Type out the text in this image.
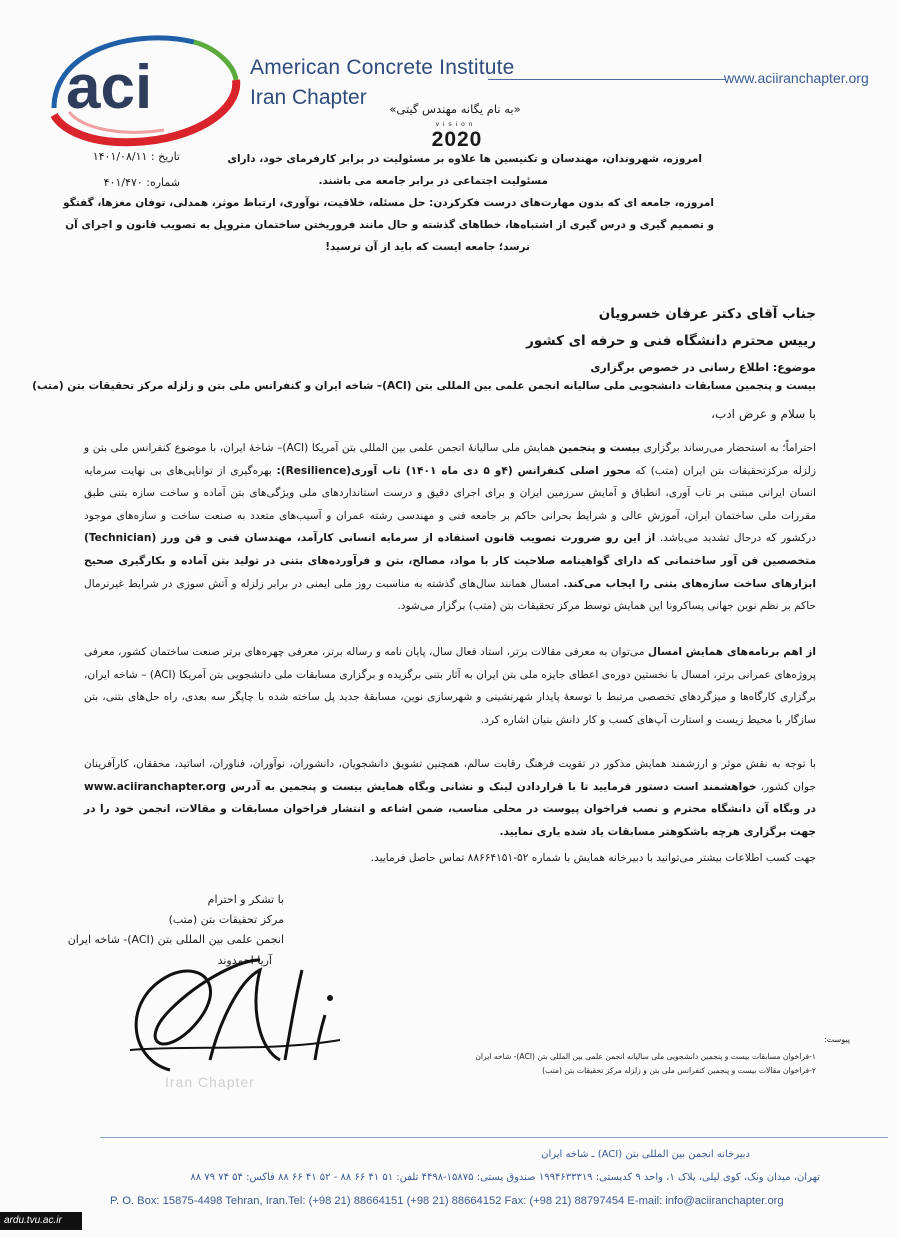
aci	American Concrete Institute
Iran Chapter
www.aciiranchapter.org
«به نام یگانه مهندس گیتی»
vision
2020
امروزه، شهروندان، مهندسان و تکنیسین ها علاوه بر مسئولیت در برابر کارفرمای خود، دارای
مسئولیت اجتماعی در برابر جامعه می باشند.
امروزه، جامعه ای که بدون مهارت‌های درست فکرکردن: حل مسئله، خلاقیت، نوآوری، ارتباط موثر، همدلی، توفان مغزها، گفتگو
و تصمیم گیری و درس گیری از اشتباه‌ها، خطاهای گذشته و حال مانند فروریختن ساختمان متروپل به تصویب قانون و اجرای آن
نرسد؛ جامعه ایست که باید از آن ترسید!
تاریخ : ۱۴۰۱/۰۸/۱۱
شماره: ۴۰۱/۴۷۰
جناب آقای دکتر عرفان خسرویان
رییس محترم دانشگاه فنی و حرفه ای کشور
موضوع: اطلاع رسانی در خصوص برگزاری
بیست و پنجمین مسابقات دانشجویی ملی سالیانه انجمن علمی بین المللی بتن (ACI)– شاخه ایران و کنفرانس ملی بتن و زلزله مرکز تحقیقات بتن (متب)
با سلام و عرض ادب،
احتراماً؛ به استحضار می‌رساند برگزاری بیست و پنجمین همایش ملی سالیانۀ انجمن علمی بین المللی بتن آمریکا (ACI)– شاخۀ ایران، با موضوع کنفرانس ملی بتن و زلزله مرکزتحقیقات بتن ایران (متب) که محور اصلی کنفرانس (۴و ۵ دی ماه ۱۴۰۱) تاب آوری(Resilience): بهره‌گیری از توانایی‌های بی نهایت سرمایه انسان ایرانی مبتنی بر تاب آوری، انطباق و آمایش سرزمین ایران و برای اجرای دقیق و درست استانداردهای ملی ویژگی‌های بتن آماده و ساخت سازه بتنی طبق مقررات ملی ساختمان ایران، آموزش عالی و شرایط بحرانی حاکم بر جامعه فنی و مهندسی رشته عمران و آسیب‌های متعدد به صنعت ساخت و سازه‌های موجود درکشور که درحال تشدید می‌باشد. از این رو ضرورت تصویب قانون استفاده از سرمایه انسانی کارآمد، مهندسان فنی و فن ورز (Technician) متخصصین فن آور ساختمانی که دارای گواهینامه صلاحیت کار با مواد، مصالح، بتن و فرآورده‌های بتنی در تولید بتن آماده و بکارگیری صحیح ابزارهای ساخت سازه‌های بتنی را ایجاب می‌کند. امسال همانند سال‌های گذشته به مناسبت روز ملی ایمنی در برابر زلزله و آتش سوزی در شرایط غیرنرمال حاکم بر نظم نوین جهانی پساکرونا این همایش توسط مرکز تحقیقات بتن (متب) برگزار می‌شود.
از اهم برنامه‌های همایش امسال می‌توان به معرفی مقالات برتر، استاد فعال سال، پایان نامه و رساله برتر، معرفی چهره‌های برتر صنعت ساختمان کشور، معرفی پروژه‌های عمرانی برتر، امسال با نخستین دوره‌ی اعطای جایزه ملی بتن ایران به آثار بتنی برگزیده و برگزاری مسابقات ملی دانشجویی بتن آمریکا (ACI) – شاخه ایران، برگزاری کارگاه‌ها و میزگردهای تخصصی مرتبط با توسعۀ پایدار شهرنشینی و شهرسازی نوین، مسابقۀ جدید پل ساخته شده با چاپگر سه بعدی، راه حل‌های بتنی، بتن سازگار با محیط زیست و استارت آپ‌های کسب و کار دانش بنیان اشاره کرد.
با توجه به نقش موثر و ارزشمند همایش مذکور در تقویت فرهنگ رقابت سالم، همچنین تشویق دانشجویان، دانشوران، نوآوران، فناوران، اساتید، محققان، کارآفرینان جوان کشور، خواهشمند است دستور فرمایید تا با قراردادن لینک و نشانی وبگاه همایش بیست و پنجمین به آدرس www.aciiranchapter.org در وبگاه آن دانشگاه محترم و نصب فراخوان پیوست در محلی مناسب، ضمن اشاعه و انتشار فراخوان مسابقات و مقالات، انجمن خود را در جهت برگزاری هرچه باشکوهتر مسابقات یاد شده یاری نمایید.
جهت کسب اطلاعات بیشتر می‌توانید با دبیرخانه همایش با شماره ۵۲-۸۸۶۶۴۱۵۱ تماس حاصل فرمایید.
با تشکر و احترام
مرکز تحقیقات بتن (متب)
انجمن علمی بین المللی بتن (ACI)- شاخه ایران
آریا احمدوند
Iran Chapter
پیوست:
۱-فراخوان مسابقات بیست و پنجمین دانشجویی ملی سالیانه انجمن علمی بین المللی بتن (ACI)- شاخه ایران
۲-فراخوان مقالات بیست و پنجمین کنفرانس ملی بتن و زلزله مرکز تحقیقات بتن (متب)
دبیرخانه انجمن بین المللی بتن (ACI) ـ شاخه ایران
تهران، میدان ونک، کوی لیلی، پلاک ۱، واحد ۹ کدپستی: ۱۹۹۴۶۳۳۳۱۹ صندوق پستی: ۱۵۸۷۵-۴۴۹۸ تلفن: ۵۱ ۴۱ ۶۶ ۸۸ - ۵۲ ۴۱ ۶۶ ۸۸ فاکس: ۵۴ ۷۴ ۷۹ ۸۸
P. O. Box: 15875-4498 Tehran, Iran.Tel: (+98 21) 88664151 (+98 21) 88664152 Fax: (+98 21) 88797454 E-mail: info@aciiranchapter.org
ardu.tvu.ac.ir
